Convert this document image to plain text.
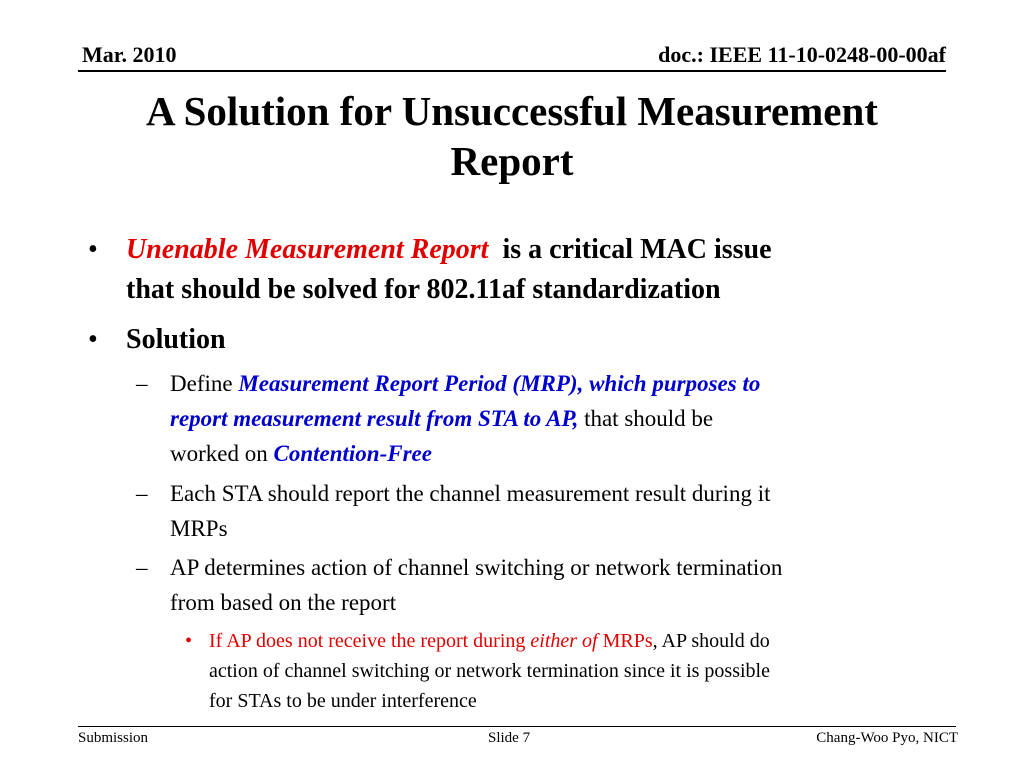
Mar. 2010	doc.: IEEE 11-10-0248-00-00af
A Solution for Unsuccessful Measurement
Report
• Unenable Measurement Report is a critical MAC issue
that should be solved for 802.11af standardization
• Solution
– Define Measurement Report Period (MRP), which purposes to
report measurement result from STA to AP, that should be
worked on Contention-Free
– Each STA should report the channel measurement result during it
MRPs
– AP determines action of channel switching or network termination
from based on the report
• If AP does not receive the report during either of MRPs, AP should do
action of channel switching or network termination since it is possible
for STAs to be under interference
Submission	Slide 7	Chang-Woo Pyo, NICT
